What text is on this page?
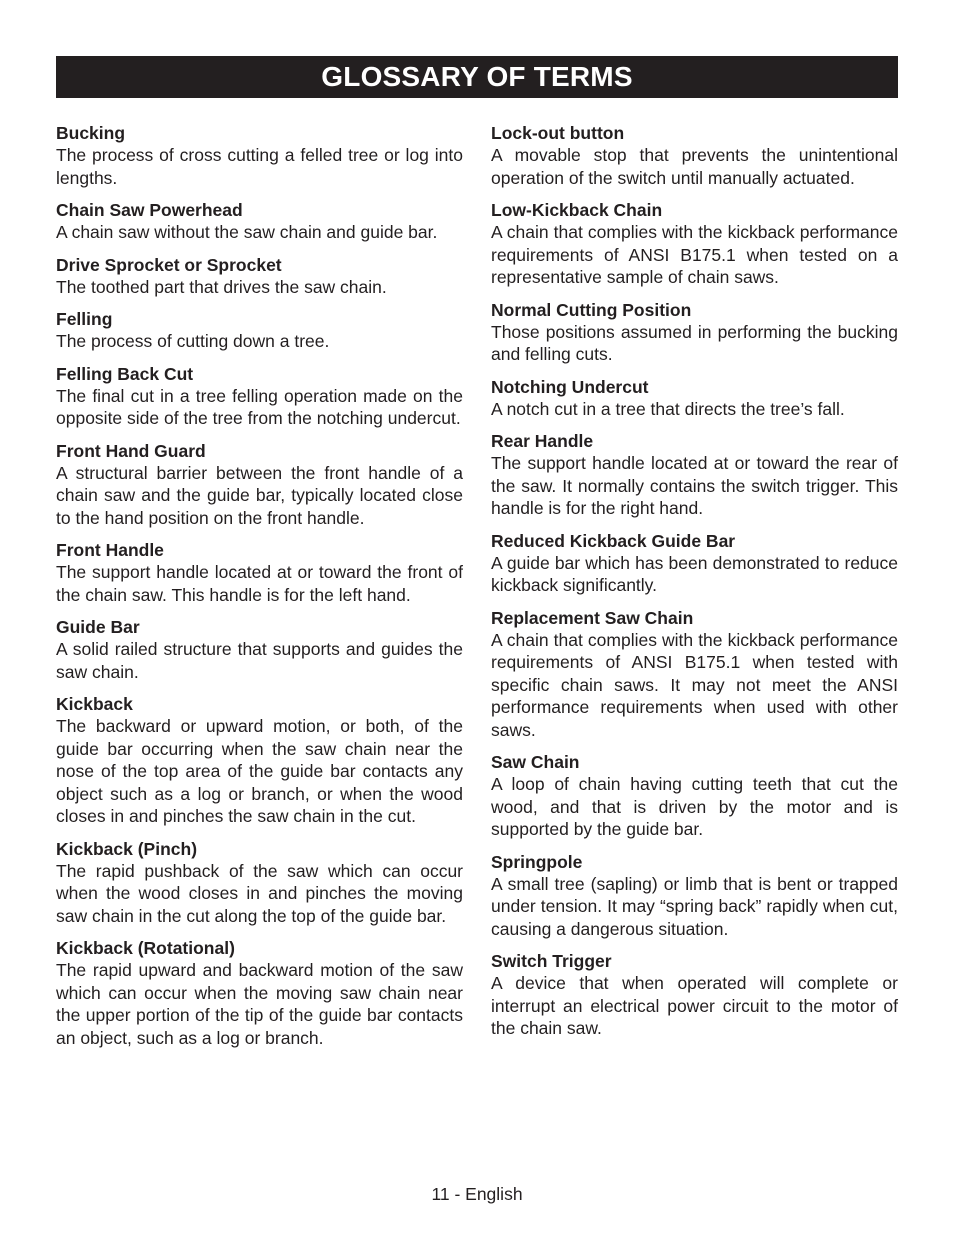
GLOSSARY OF TERMS
Bucking
The process of cross cutting a felled tree or log into lengths.
Chain Saw Powerhead
A chain saw without the saw chain and guide bar.
Drive Sprocket or Sprocket
The toothed part that drives the saw chain.
Felling
The process of cutting down a tree.
Felling Back Cut
The final cut in a tree felling operation made on the opposite side of the tree from the notching undercut.
Front Hand Guard
A structural barrier between the front handle of a chain saw and the guide bar, typically located close to the hand position on the front handle.
Front Handle
The support handle located at or toward the front of the chain saw. This handle is for the left hand.
Guide Bar
A solid railed structure that supports and guides the saw chain.
Kickback
The backward or upward motion, or both, of the guide bar occurring when the saw chain near the nose of the top area of the guide bar contacts any object such as a log or branch, or when the wood closes in and pinches the saw chain in the cut.
Kickback (Pinch)
The rapid pushback of the saw which can occur when the wood closes in and pinches the moving saw chain in the cut along the top of the guide bar.
Kickback (Rotational)
The rapid upward and backward motion of the saw which can occur when the moving saw chain near the upper portion of the tip of the guide bar contacts an object, such as a log or branch.
Lock-out button
A movable stop that prevents the unintentional operation of the switch until manually actuated.
Low-Kickback Chain
A chain that complies with the kickback performance requirements of ANSI B175.1 when tested on a representative sample of chain saws.
Normal Cutting Position
Those positions assumed in performing the bucking and felling cuts.
Notching Undercut
A notch cut in a tree that directs the tree’s fall.
Rear Handle
The support handle located at or toward the rear of the saw. It normally contains the switch trigger. This handle is for the right hand.
Reduced Kickback Guide Bar
A guide bar which has been demonstrated to reduce kickback significantly.
Replacement Saw Chain
A chain that complies with the kickback performance requirements of ANSI B175.1 when tested with specific chain saws. It may not meet the ANSI performance requirements when used with other saws.
Saw Chain
A loop of chain having cutting teeth that cut the wood, and that is driven by the motor and is supported by the guide bar.
Springpole
A small tree (sapling) or limb that is bent or trapped under tension. It may “spring back” rapidly when cut, causing a dangerous situation.
Switch Trigger
A device that when operated will complete or interrupt an electrical power circuit to the motor of the chain saw.
11 - English
